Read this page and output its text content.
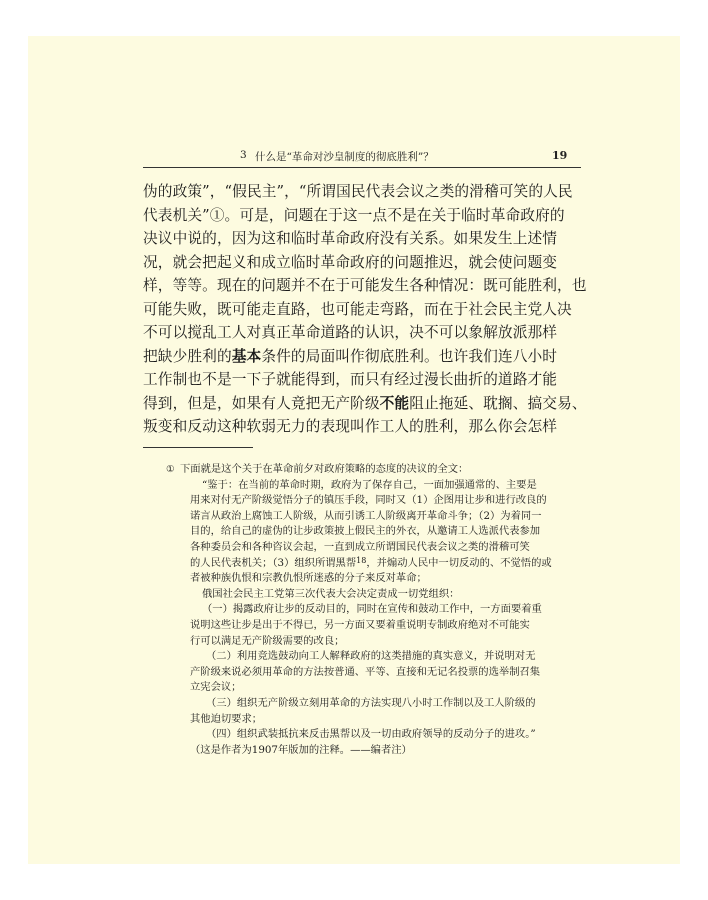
3 什么是“革命对沙皇制度的彻底胜利”？	19
伪的政策”，“假民主”，“所谓国民代表会议之类的滑稽可笑的人民
代表机关”①。可是，问题在于这一点不是在关于临时革命政府的
决议中说的，因为这和临时革命政府没有关系。如果发生上述情
况，就会把起义和成立临时革命政府的问题推迟，就会使问题变
样，等等。现在的问题并不在于可能发生各种情况：既可能胜利，也
可能失败，既可能走直路，也可能走弯路，而在于社会民主党人决
不可以搅乱工人对真正革命道路的认识，决不可以象解放派那样
把缺少胜利的基本条件的局面叫作彻底胜利。也许我们连八小时
工作制也不是一下子就能得到，而只有经过漫长曲折的道路才能
得到，但是，如果有人竟把无产阶级不能阻止拖延、耽搁、搞交易、
叛变和反动这种软弱无力的表现叫作工人的胜利，那么你会怎样
① 下面就是这个关于在革命前夕对政府策略的态度的决议的全文：
“鉴于：在当前的革命时期，政府为了保存自己，一面加强通常的、主要是
用来对付无产阶级觉悟分子的镇压手段，同时又（1）企图用让步和进行改良的
诺言从政治上腐蚀工人阶级，从而引诱工人阶级离开革命斗争；（2）为着同一
目的，给自己的虚伪的让步政策披上假民主的外衣，从邀请工人选派代表参加
各种委员会和各种咨议会起，一直到成立所谓国民代表会议之类的滑稽可笑
的人民代表机关；（3）组织所谓黑帮$^{18}$，并煽动人民中一切反动的、不觉悟的或
者被种族仇恨和宗教仇恨所迷惑的分子来反对革命；
俄国社会民主工党第三次代表大会决定责成一切党组织：
（一）揭露政府让步的反动目的，同时在宣传和鼓动工作中，一方面要着重
说明这些让步是出于不得已，另一方面又要着重说明专制政府绝对不可能实
行可以满足无产阶级需要的改良；
（二）利用竞选鼓动向工人解释政府的这类措施的真实意义，并说明对无
产阶级来说必须用革命的方法按普通、平等、直接和无记名投票的选举制召集
立宪会议；
（三）组织无产阶级立刻用革命的方法实现八小时工作制以及工人阶级的
其他迫切要求；
（四）组织武装抵抗来反击黑帮以及一切由政府领导的反动分子的进攻。”
（这是作者为1907年版加的注释。——编者注）
